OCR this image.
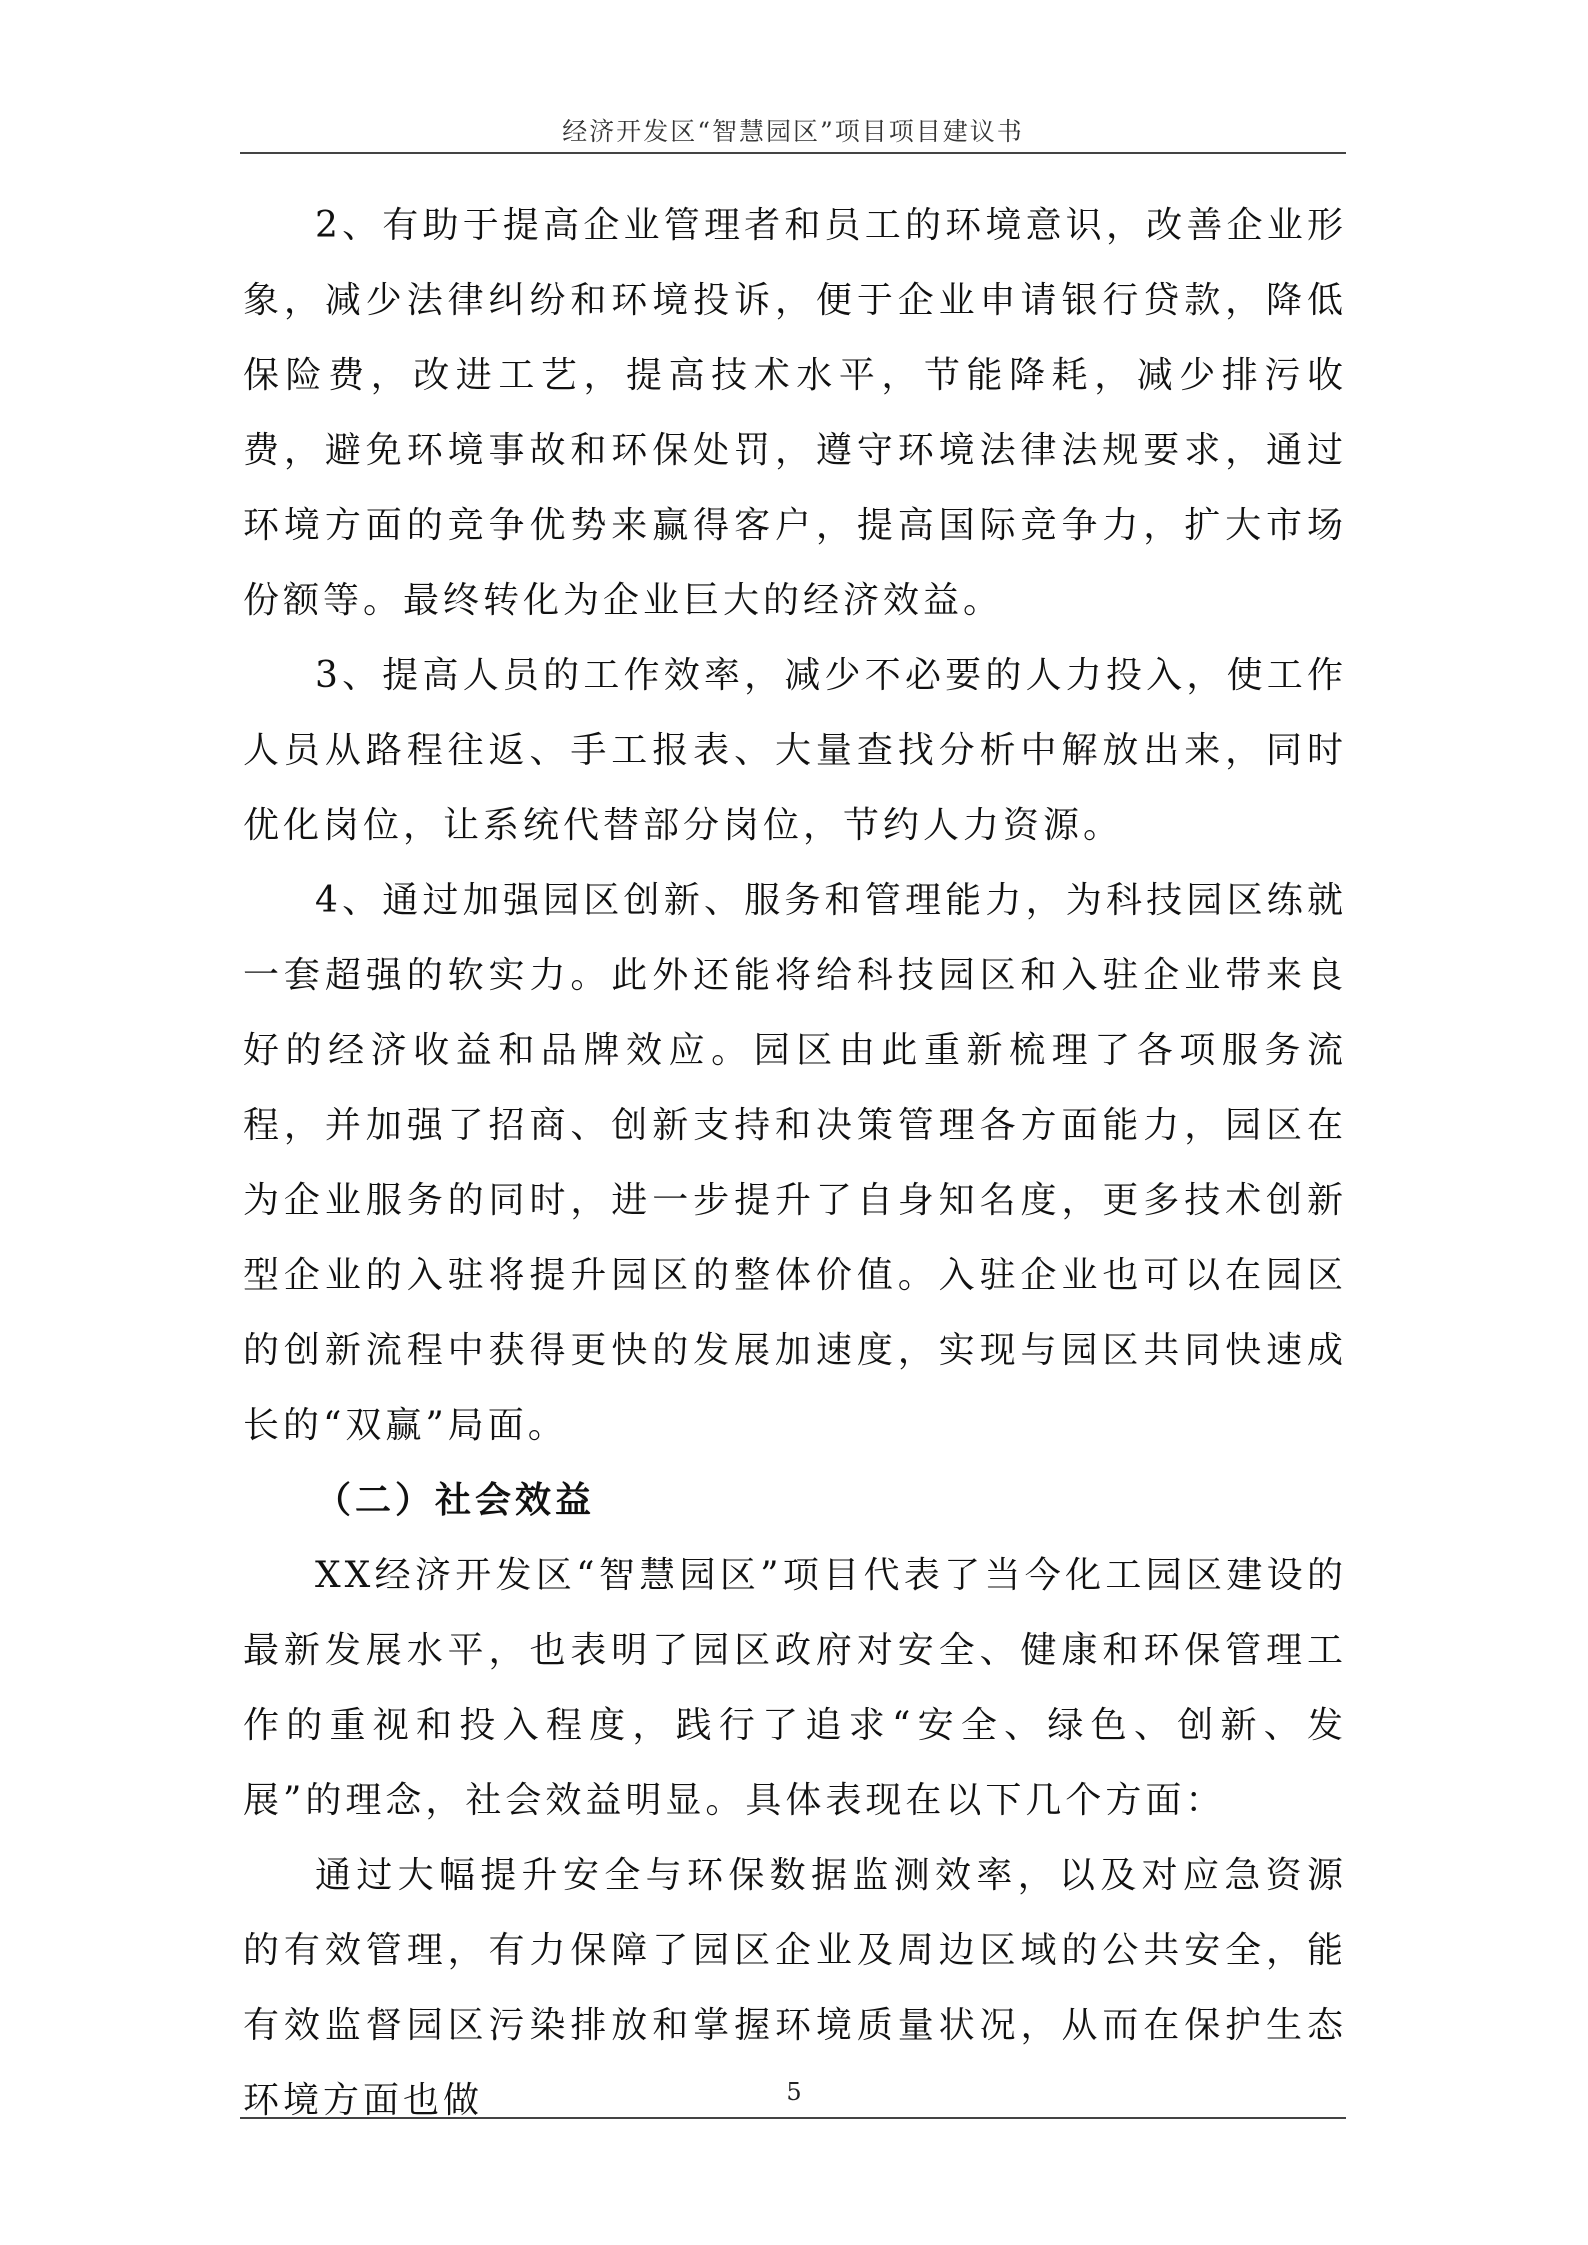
经济开发区“智慧园区”项目项目建议书

2、有助于提高企业管理者和员工的环境意识，改善企业形象，减少法律纠纷和环境投诉，便于企业申请银行贷款，降低保险费，改进工艺，提高技术水平，节能降耗，减少排污收费，避免环境事故和环保处罚，遵守环境法律法规要求，通过环境方面的竞争优势来赢得客户，提高国际竞争力，扩大市场份额等。最终转化为企业巨大的经济效益。

3、提高人员的工作效率，减少不必要的人力投入，使工作人员从路程往返、手工报表、大量查找分析中解放出来，同时优化岗位，让系统代替部分岗位，节约人力资源。

4、通过加强园区创新、服务和管理能力，为科技园区练就一套超强的软实力。此外还能将给科技园区和入驻企业带来良好的经济收益和品牌效应。园区由此重新梳理了各项服务流程，并加强了招商、创新支持和决策管理各方面能力，园区在为企业服务的同时，进一步提升了自身知名度，更多技术创新型企业的入驻将提升园区的整体价值。入驻企业也可以在园区的创新流程中获得更快的发展加速度，实现与园区共同快速成长的“双赢”局面。

（二）社会效益

XX经济开发区“智慧园区”项目代表了当今化工园区建设的最新发展水平，也表明了园区政府对安全、健康和环保管理工作的重视和投入程度，践行了追求“安全、绿色、创新、发展”的理念，社会效益明显。具体表现在以下几个方面：

通过大幅提升安全与环保数据监测效率，以及对应急资源的有效管理，有力保障了园区企业及周边区域的公共安全，能有效监督园区污染排放和掌握环境质量状况，从而在保护生态环境方面也做	5
